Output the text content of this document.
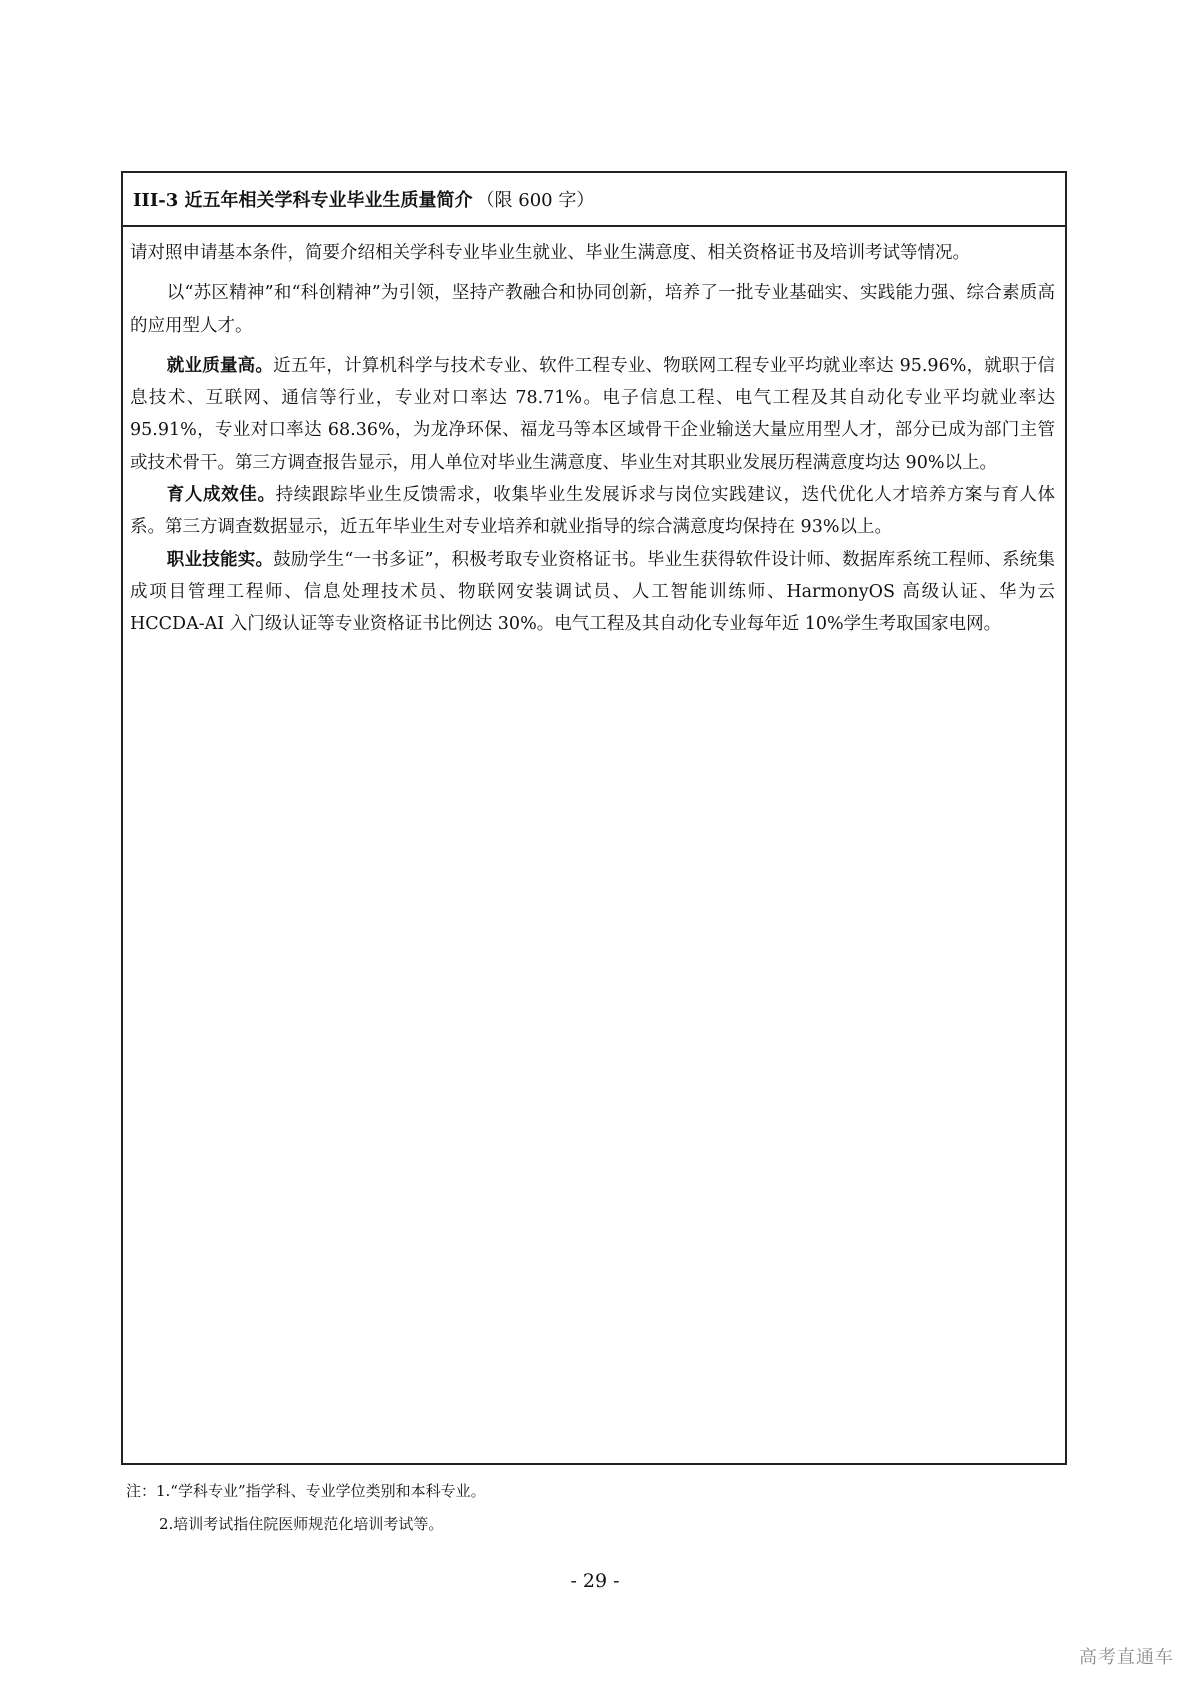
III-3 近五年相关学科专业毕业生质量简介 （限 600 字）

请对照申请基本条件，简要介绍相关学科专业毕业生就业、毕业生满意度、相关资格证书及培训考试等情况。

以“苏区精神”和“科创精神”为引领，坚持产教融合和协同创新，培养了一批专业基础实、实践能力强、综合素质高的应用型人才。

就业质量高。近五年，计算机科学与技术专业、软件工程专业、物联网工程专业平均就业率达 95.96%，就职于信息技术、互联网、通信等行业，专业对口率达 78.71%。电子信息工程、电气工程及其自动化专业平均就业率达 95.91%，专业对口率达 68.36%，为龙净环保、福龙马等本区域骨干企业输送大量应用型人才，部分已成为部门主管或技术骨干。第三方调查报告显示，用人单位对毕业生满意度、毕业生对其职业发展历程满意度均达 90%以上。

育人成效佳。持续跟踪毕业生反馈需求，收集毕业生发展诉求与岗位实践建议，迭代优化人才培养方案与育人体系。第三方调查数据显示，近五年毕业生对专业培养和就业指导的综合满意度均保持在 93%以上。

职业技能实。鼓励学生“一书多证”，积极考取专业资格证书。毕业生获得软件设计师、数据库系统工程师、系统集成项目管理工程师、信息处理技术员、物联网安装调试员、人工智能训练师、HarmonyOS 高级认证、华为云 HCCDA-AI 入门级认证等专业资格证书比例达 30%。电气工程及其自动化专业每年近 10%学生考取国家电网。

注：1.“学科专业”指学科、专业学位类别和本科专业。

2.培训考试指住院医师规范化培训考试等。

- 29 -
高考直通车
